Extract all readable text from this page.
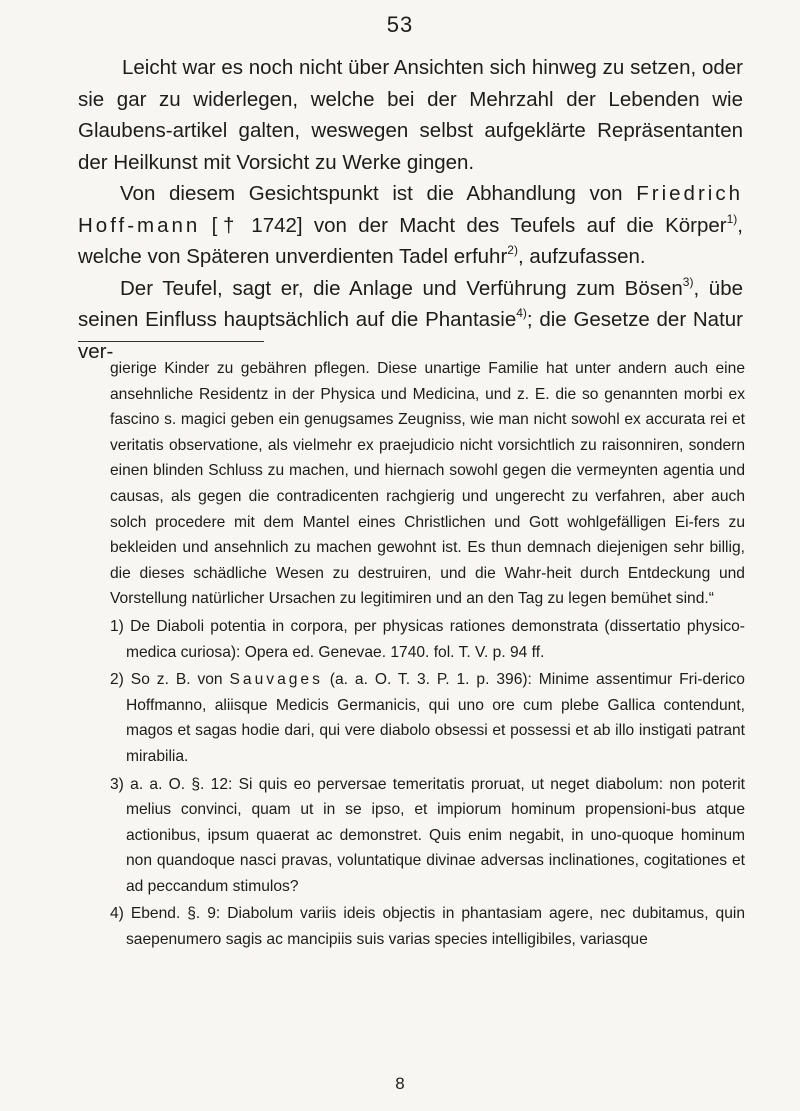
53

Leicht war es noch nicht über Ansichten sich hinweg zu setzen, oder sie gar zu widerlegen, welche bei der Mehrzahl der Lebenden wie Glaubens-artikel galten, weswegen selbst aufgeklärte Repräsentanten der Heilkunst mit Vorsicht zu Werke gingen.

Von diesem Gesichtspunkt ist die Abhandlung von Friedrich Hoff-mann [† 1742] von der Macht des Teufels auf die Körper$^{1)}$, welche von Späteren unverdienten Tadel erfuhr$^{2)}$, aufzufassen.

Der Teufel, sagt er, die Anlage und Verführung zum Bösen$^{3)}$, übe seinen Einfluss hauptsächlich auf die Phantasie$^{4)}$; die Gesetze der Natur ver-

gierige Kinder zu gebähren pflegen. Diese unartige Familie hat unter andern auch eine ansehnliche Residentz in der Physica und Medicina, und z. E. die so genannten morbi ex fascino s. magici geben ein genugsames Zeugniss, wie man nicht sowohl ex accurata rei et veritatis observatione, als vielmehr ex praejudicio nicht vorsichtlich zu raisonniren, sondern einen blinden Schluss zu machen, und hiernach sowohl gegen die vermeynten agentia und causas, als gegen die contradicenten rachgierig und ungerecht zu verfahren, aber auch solch procedere mit dem Mantel eines Christlichen und Gott wohlgefälligen Ei-fers zu bekleiden und ansehnlich zu machen gewohnt ist. Es thun demnach diejenigen sehr billig, die dieses schädliche Wesen zu destruiren, und die Wahr-heit durch Entdeckung und Vorstellung natürlicher Ursachen zu legitimiren und an den Tag zu legen bemühet sind.“

1) De Diaboli potentia in corpora, per physicas rationes demonstrata (dissertatio physico-medica curiosa): Opera ed. Genevae. 1740. fol. T. V. p. 94 ff.

2) So z. B. von Sauvages (a. a. O. T. 3. P. 1. p. 396): Minime assentimur Fri-derico Hoffmanno, aliisque Medicis Germanicis, qui uno ore cum plebe Gallica contendunt, magos et sagas hodie dari, qui vere diabolo obsessi et possessi et ab illo instigati patrant mirabilia.

3) a. a. O. §. 12: Si quis eo perversae temeritatis proruat, ut neget diabolum: non poterit melius convinci, quam ut in se ipso, et impiorum hominum propensioni-bus atque actionibus, ipsum quaerat ac demonstret. Quis enim negabit, in uno-quoque hominum non quandoque nasci pravas, voluntatique divinae adversas inclinationes, cogitationes et ad peccandum stimulos?

4) Ebend. §. 9: Diabolum variis ideis objectis in phantasiam agere, nec dubitamus, quin saepenumero sagis ac mancipiis suis varias species intelligibiles, variasque

8
